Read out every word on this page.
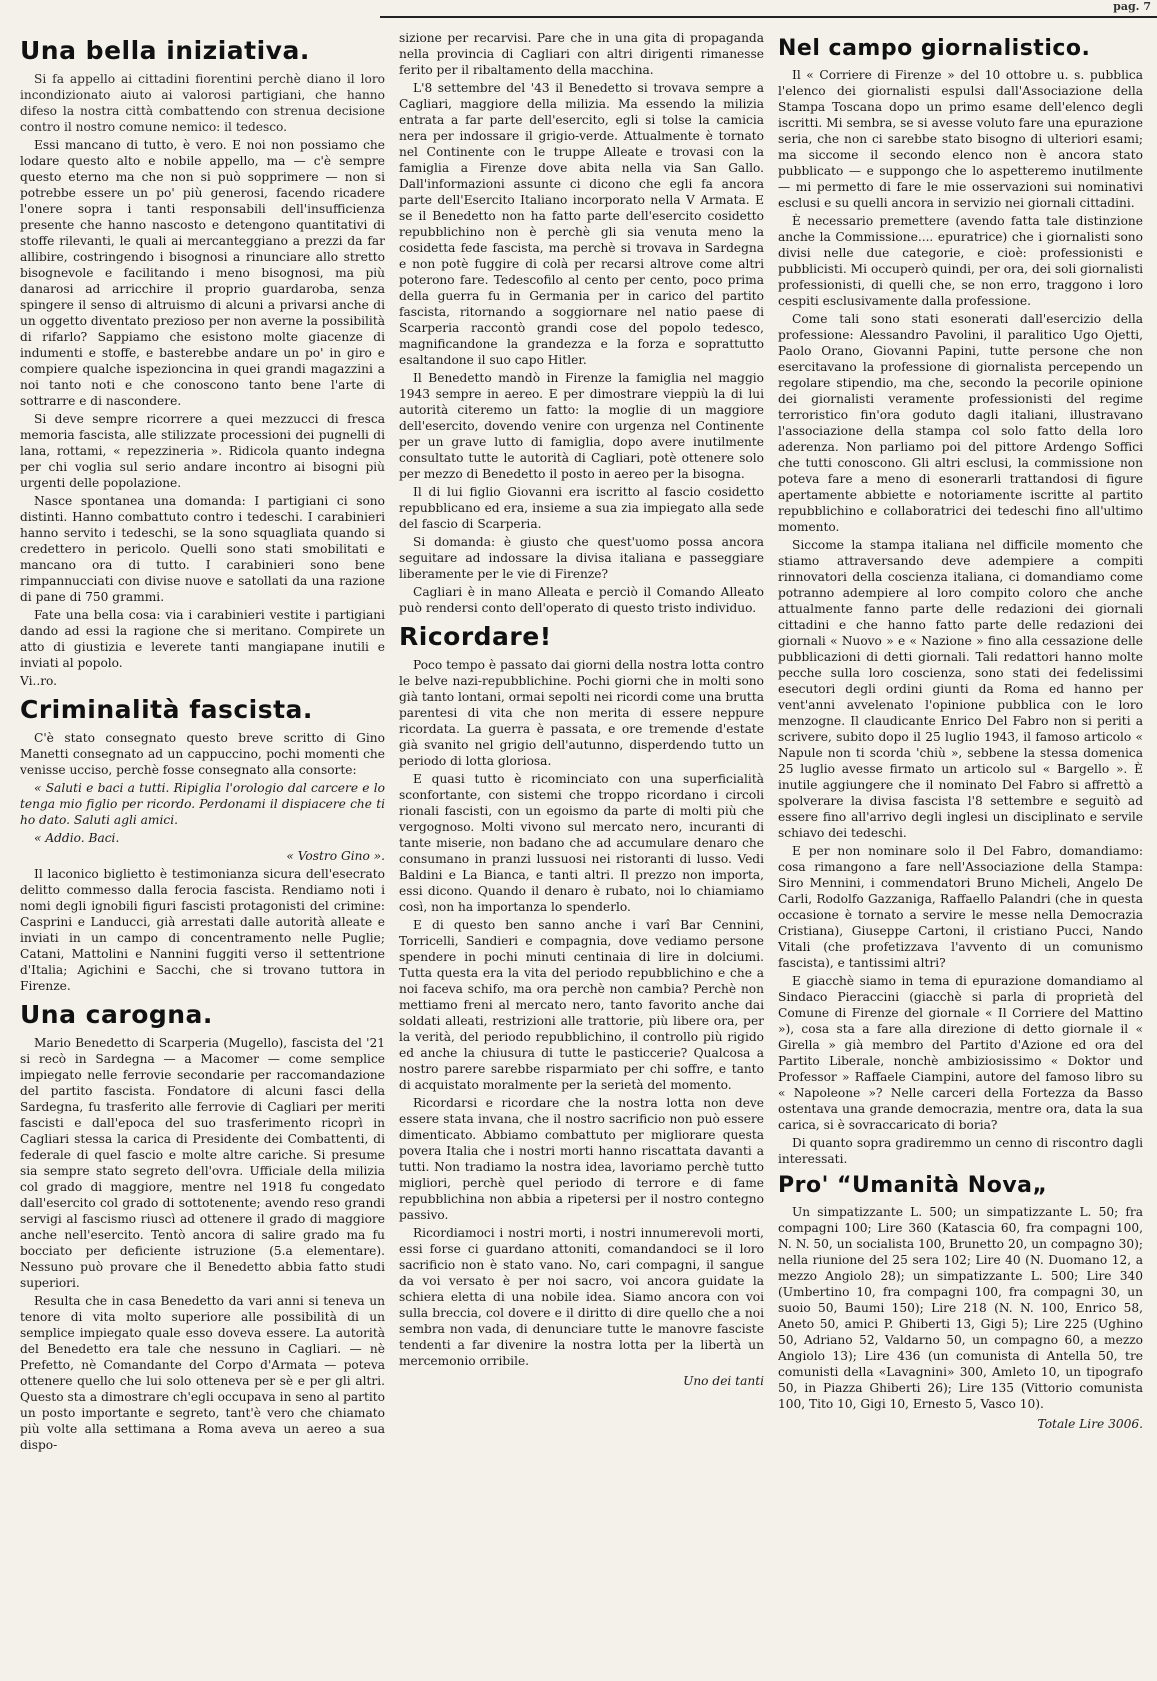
pag. 7
Una bella iniziativa.

Si fa appello ai cittadini fiorentini perchè diano il loro incondizionato aiuto ai valorosi partigiani, che hanno difeso la nostra città combattendo con strenua decisione contro il nostro comune nemico: il tedesco.

Essi mancano di tutto, è vero. E noi non possiamo che lodare questo alto e nobile appello, ma — c'è sempre questo eterno ma che non si può sopprimere — non si potrebbe essere un po' più generosi, facendo ricadere l'onere sopra i tanti responsabili dell'insufficienza presente che hanno nascosto e detengono quantitativi di stoffe rilevanti, le quali ai mercanteggiano a prezzi da far allibire, costringendo i bisognosi a rinunciare allo stretto bisognevole e facilitando i meno bisognosi, ma più danarosi ad arricchire il proprio guardaroba, senza spingere il senso di altruismo di alcuni a privarsi anche di un oggetto diventato prezioso per non averne la possibilità di rifarlo? Sappiamo che esistono molte giacenze di indumenti e stoffe, e basterebbe andare un po' in giro e compiere qualche ispezioncina in quei grandi magazzini a noi tanto noti e che conoscono tanto bene l'arte di sottrarre e di nascondere.

Si deve sempre ricorrere a quei mezzucci di fresca memoria fascista, alle stilizzate processioni dei pugnelli di lana, rottami, « repezzineria ». Ridicola quanto indegna per chi voglia sul serio andare incontro ai bisogni più urgenti delle popolazione.

Nasce spontanea una domanda: I partigiani ci sono distinti. Hanno combattuto contro i tedeschi. I carabinieri hanno servito i tedeschi, se la sono squagliata quando si credettero in pericolo. Quelli sono stati smobilitati e mancano ora di tutto. I carabinieri sono bene rimpannucciati con divise nuove e satollati da una razione di pane di 750 grammi.

Fate una bella cosa: via i carabinieri vestite i partigiani dando ad essi la ragione che si meritano. Compirete un atto di giustizia e leverete tanti mangiapane inutili e inviati al popolo.

Vi..ro.

Criminalità fascista.

C'è stato consegnato questo breve scritto di Gino Manetti consegnato ad un cappuccino, pochi momenti che venisse ucciso, perchè fosse consegnato alla consorte:

« Saluti e baci a tutti. Ripiglia l'orologio dal carcere e lo tenga mio figlio per ricordo. Perdonami il dispiacere che ti ho dato. Saluti agli amici.

« Addio. Baci.

« Vostro Gino ».

Il laconico biglietto è testimonianza sicura dell'esecrato delitto commesso dalla ferocia fascista. Rendiamo noti i nomi degli ignobili figuri fascisti protagonisti del crimine: Casprini e Landucci, già arrestati dalle autorità alleate e inviati in un campo di concentramento nelle Puglie; Catani, Mattolini e Nannini fuggiti verso il settentrione d'Italia; Agichini e Sacchi, che si trovano tuttora in Firenze.

Una carogna.

Mario Benedetto di Scarperia (Mugello), fascista del '21 si recò in Sardegna — a Macomer — come semplice impiegato nelle ferrovie secondarie per raccomandazione del partito fascista. Fondatore di alcuni fasci della Sardegna, fu trasferito alle ferrovie di Cagliari per meriti fascisti e dall'epoca del suo trasferimento ricoprì in Cagliari stessa la carica di Presidente dei Combattenti, di federale di quel fascio e molte altre cariche. Si presume sia sempre stato segreto dell'ovra. Ufficiale della milizia col grado di maggiore, mentre nel 1918 fu congedato dall'esercito col grado di sottotenente; avendo reso grandi servigi al fascismo riuscì ad ottenere il grado di maggiore anche nell'esercito. Tentò ancora di salire grado ma fu bocciato per deficiente istruzione (5.a elementare). Nessuno può provare che il Benedetto abbia fatto studi superiori.

Resulta che in casa Benedetto da vari anni si teneva un tenore di vita molto superiore alle possibilità di un semplice impiegato quale esso doveva essere. La autorità del Benedetto era tale che nessuno in Cagliari. — nè Prefetto, nè Comandante del Corpo d'Armata — poteva ottenere quello che lui solo otteneva per sè e per gli altri. Questo sta a dimostrare ch'egli occupava in seno al partito un posto importante e segreto, tant'è vero che chiamato più volte alla settimana a Roma aveva un aereo a sua dispo-

sizione per recarvisi. Pare che in una gita di propaganda nella provincia di Cagliari con altri dirigenti rimanesse ferito per il ribaltamento della macchina.

L'8 settembre del '43 il Benedetto si trovava sempre a Cagliari, maggiore della milizia. Ma essendo la milizia entrata a far parte dell'esercito, egli si tolse la camicia nera per indossare il grigio-verde. Attualmente è tornato nel Continente con le truppe Alleate e trovasi con la famiglia a Firenze dove abita nella via San Gallo. Dall'informazioni assunte ci dicono che egli fa ancora parte dell'Esercito Italiano incorporato nella V Armata. E se il Benedetto non ha fatto parte dell'esercito cosidetto repubblichino non è perchè gli sia venuta meno la cosidetta fede fascista, ma perchè si trovava in Sardegna e non potè fuggire di colà per recarsi altrove come altri poterono fare. Tedescofilo al cento per cento, poco prima della guerra fu in Germania per in carico del partito fascista, ritornando a soggiornare nel natio paese di Scarperia raccontò grandi cose del popolo tedesco, magnificandone la grandezza e la forza e soprattutto esaltandone il suo capo Hitler.

Il Benedetto mandò in Firenze la famiglia nel maggio 1943 sempre in aereo. E per dimostrare vieppiù la di lui autorità citeremo un fatto: la moglie di un maggiore dell'esercito, dovendo venire con urgenza nel Continente per un grave lutto di famiglia, dopo avere inutilmente consultato tutte le autorità di Cagliari, potè ottenere solo per mezzo di Benedetto il posto in aereo per la bisogna.

Il di lui figlio Giovanni era iscritto al fascio cosidetto repubblicano ed era, insieme a sua zia impiegato alla sede del fascio di Scarperia.

Si domanda: è giusto che quest'uomo possa ancora seguitare ad indossare la divisa italiana e passeggiare liberamente per le vie di Firenze?

Cagliari è in mano Alleata e perciò il Comando Alleato può rendersi conto dell'operato di questo tristo individuo.

Ricordare!

Poco tempo è passato dai giorni della nostra lotta contro le belve nazi-repubblichine. Pochi giorni che in molti sono già tanto lontani, ormai sepolti nei ricordi come una brutta parentesi di vita che non merita di essere neppure ricordata. La guerra è passata, e ore tremende d'estate già svanito nel grigio dell'autunno, disperdendo tutto un periodo di lotta gloriosa.

E quasi tutto è ricominciato con una superficialità sconfortante, con sistemi che troppo ricordano i circoli rionali fascisti, con un egoismo da parte di molti più che vergognoso. Molti vivono sul mercato nero, incuranti di tante miserie, non badano che ad accumulare denaro che consumano in pranzi lussuosi nei ristoranti di lusso. Vedi Baldini e La Bianca, e tanti altri. Il prezzo non importa, essi dicono. Quando il denaro è rubato, noi lo chiamiamo così, non ha importanza lo spenderlo.

E di questo ben sanno anche i varî Bar Cennini, Torricelli, Sandieri e compagnia, dove vediamo persone spendere in pochi minuti centinaia di lire in dolciumi. Tutta questa era la vita del periodo repubblichino e che a noi faceva schifo, ma ora perchè non cambia? Perchè non mettiamo freni al mercato nero, tanto favorito anche dai soldati alleati, restrizioni alle trattorie, più libere ora, per la verità, del periodo repubblichino, il controllo più rigido ed anche la chiusura di tutte le pasticcerie? Qualcosa a nostro parere sarebbe risparmiato per chi soffre, e tanto di acquistato moralmente per la serietà del momento.

Ricordarsi e ricordare che la nostra lotta non deve essere stata invana, che il nostro sacrificio non può essere dimenticato. Abbiamo combattuto per migliorare questa povera Italia che i nostri morti hanno riscattata davanti a tutti. Non tradiamo la nostra idea, lavoriamo perchè tutto migliori, perchè quel periodo di terrore e di fame repubblichina non abbia a ripetersi per il nostro contegno passivo.

Ricordiamoci i nostri morti, i nostri innumerevoli morti, essi forse ci guardano attoniti, comandandoci se il loro sacrificio non è stato vano. No, cari compagni, il sangue da voi versato è per noi sacro, voi ancora guidate la schiera eletta di una nobile idea. Siamo ancora con voi sulla breccia, col dovere e il diritto di dire quello che a noi sembra non vada, di denunciare tutte le manovre fasciste tendenti a far divenire la nostra lotta per la libertà un mercemonio orribile.

Uno dei tanti

Nel campo giornalistico.

Il « Corriere di Firenze » del 10 ottobre u. s. pubblica l'elenco dei giornalisti espulsi dall'Associazione della Stampa Toscana dopo un primo esame dell'elenco degli iscritti. Mi sembra, se si avesse voluto fare una epurazione seria, che non ci sarebbe stato bisogno di ulteriori esami; ma siccome il secondo elenco non è ancora stato pubblicato — e suppongo che lo aspetteremo inutilmente — mi permetto di fare le mie osservazioni sui nominativi esclusi e su quelli ancora in servizio nei giornali cittadini.

È necessario premettere (avendo fatta tale distinzione anche la Commissione.... epuratrice) che i giornalisti sono divisi nelle due categorie, e cioè: professionisti e pubblicisti. Mi occuperò quindi, per ora, dei soli giornalisti professionisti, di quelli che, se non erro, traggono i loro cespiti esclusivamente dalla professione.

Come tali sono stati esonerati dall'esercizio della professione: Alessandro Pavolini, il paralitico Ugo Ojetti, Paolo Orano, Giovanni Papini, tutte persone che non esercitavano la professione di giornalista percependo un regolare stipendio, ma che, secondo la pecorile opinione dei giornalisti veramente professionisti del regime terroristico fin'ora goduto dagli italiani, illustravano l'associazione della stampa col solo fatto della loro aderenza. Non parliamo poi del pittore Ardengo Soffici che tutti conoscono. Gli altri esclusi, la commissione non poteva fare a meno di esonerarli trattandosi di figure apertamente abbiette e notoriamente iscritte al partito repubblichino e collaboratrici dei tedeschi fino all'ultimo momento.

Siccome la stampa italiana nel difficile momento che stiamo attraversando deve adempiere a compiti rinnovatori della coscienza italiana, ci domandiamo come potranno adempiere al loro compito coloro che anche attualmente fanno parte delle redazioni dei giornali cittadini e che hanno fatto parte delle redazioni dei giornali « Nuovo » e « Nazione » fino alla cessazione delle pubblicazioni di detti giornali. Tali redattori hanno molte pecche sulla loro coscienza, sono stati dei fedelissimi esecutori degli ordini giunti da Roma ed hanno per vent'anni avvelenato l'opinione pubblica con le loro menzogne. Il claudicante Enrico Del Fabro non si periti a scrivere, subito dopo il 25 luglio 1943, il famoso articolo « Napule non ti scorda 'chiù », sebbene la stessa domenica 25 luglio avesse firmato un articolo sul « Bargello ». È inutile aggiungere che il nominato Del Fabro si affrettò a spolverare la divisa fascista l'8 settembre e seguitò ad essere fino all'arrivo degli inglesi un disciplinato e servile schiavo dei tedeschi.

E per non nominare solo il Del Fabro, domandiamo: cosa rimangono a fare nell'Associazione della Stampa: Siro Mennini, i commendatori Bruno Micheli, Angelo De Carli, Rodolfo Gazzaniga, Raffaello Palandri (che in questa occasione è tornato a servire le messe nella Democrazia Cristiana), Giuseppe Cartoni, il cristiano Pucci, Nando Vitali (che profetizzava l'avvento di un comunismo fascista), e tantissimi altri?

E giacchè siamo in tema di epurazione domandiamo al Sindaco Pieraccini (giacchè si parla di proprietà del Comune di Firenze del giornale « Il Corriere del Mattino »), cosa sta a fare alla direzione di detto giornale il « Girella » già membro del Partito d'Azione ed ora del Partito Liberale, nonchè ambiziosissimo « Doktor und Professor » Raffaele Ciampini, autore del famoso libro su « Napoleone »? Nelle carceri della Fortezza da Basso ostentava una grande democrazia, mentre ora, data la sua carica, si è sovraccaricato di boria?

Di quanto sopra gradiremmo un cenno di riscontro dagli interessati.

Pro' “Umanità Nova„

Un simpatizzante L. 500; un simpatizzante L. 50; fra compagni 100; Lire 360 (Katascia 60, fra compagni 100, N. N. 50, un socialista 100, Brunetto 20, un compagno 30); nella riunione del 25 sera 102; Lire 40 (N. Duomano 12, a mezzo Angiolo 28); un simpatizzante L. 500; Lire 340 (Umbertino 10, fra compagni 100, fra compagni 30, un suoio 50, Baumi 150); Lire 218 (N. N. 100, Enrico 58, Aneto 50, amici P. Ghiberti 13, Gigi 5); Lire 225 (Ughino 50, Adriano 52, Valdarno 50, un compagno 60, a mezzo Angiolo 13); Lire 436 (un comunista di Antella 50, tre comunisti della «Lavagnini» 300, Amleto 10, un tipografo 50, in Piazza Ghiberti 26); Lire 135 (Vittorio comunista 100, Tito 10, Gigi 10, Ernesto 5, Vasco 10).

Totale Lire 3006.
